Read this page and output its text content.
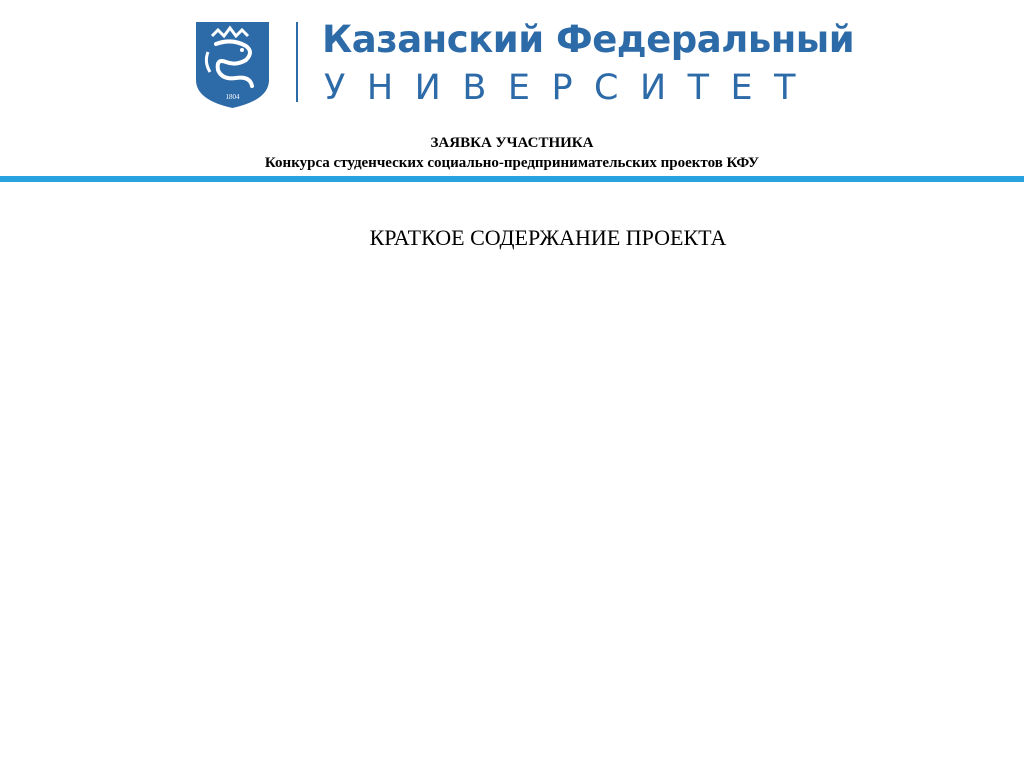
1804
Казанский Федеральный
УНИВЕРСИТЕТ
ЗАЯВКА УЧАСТНИКА
Конкурса студенческих социально-предпринимательских проектов КФУ
КРАТКОЕ СОДЕРЖАНИЕ ПРОЕКТА
